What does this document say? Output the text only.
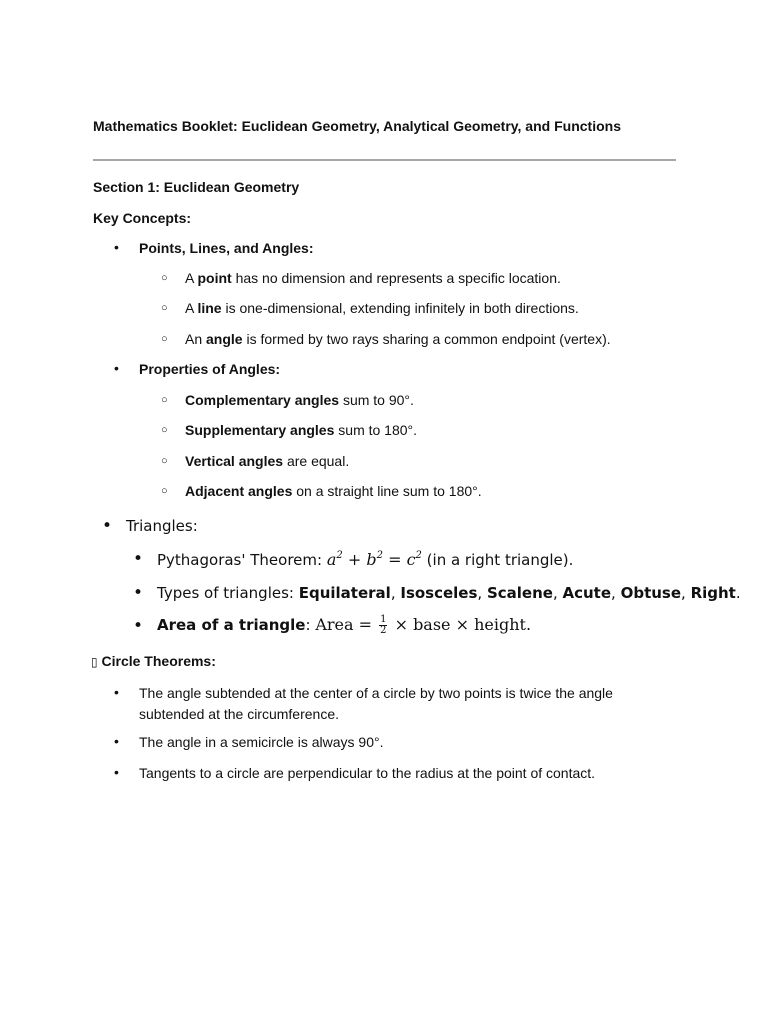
Mathematics Booklet: Euclidean Geometry, Analytical Geometry, and Functions
Section 1: Euclidean Geometry
Key Concepts:
• Points, Lines, and Angles:
○ A point has no dimension and represents a specific location.
○ A line is one-dimensional, extending infinitely in both directions.
○ An angle is formed by two rays sharing a common endpoint (vertex).
• Properties of Angles:
○ Complementary angles sum to 90°.
○ Supplementary angles sum to 180°.
○ Vertical angles are equal.
○ Adjacent angles on a straight line sum to 180°.
• Triangles:
• Pythagoras' Theorem: $a^2 + b^2 = c^2$ (in a right triangle).
• Types of triangles: Equilateral, Isosceles, Scalene, Acute, Obtuse, Right.
• Area of a triangle: Area = $\frac{1}{2}$ × base × height.
▯ Circle Theorems:
• The angle subtended at the center of a circle by two points is twice the angle subtended at the circumference.
• The angle in a semicircle is always 90°.
• Tangents to a circle are perpendicular to the radius at the point of contact.
